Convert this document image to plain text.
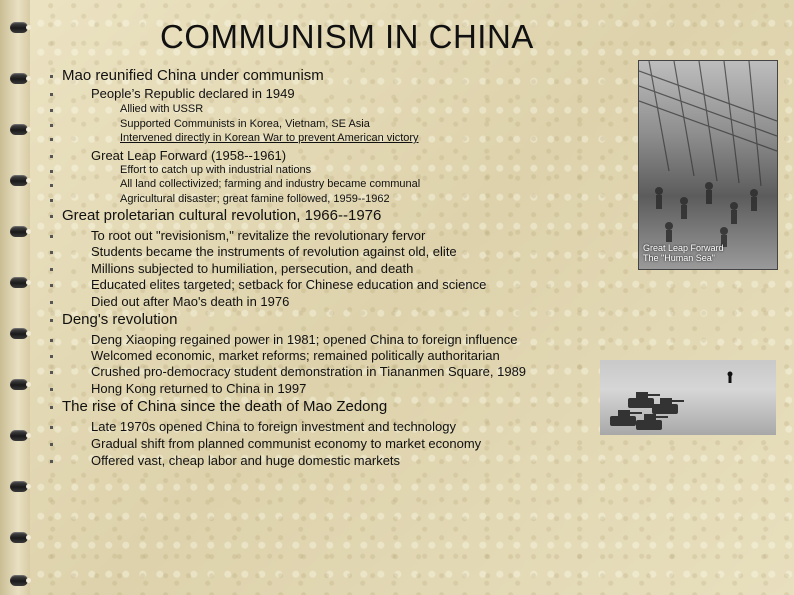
COMMUNISM IN CHINA

Mao reunified China under communism

People’s Republic declared in 1949

Allied with USSR

Supported Communists in Korea, Vietnam, SE Asia

Intervened directly in Korean War to prevent American victory

Great Leap Forward (1958--1961)

Effort to catch up with industrial nations

All land collectivized; farming and industry became communal

Agricultural disaster; great famine followed, 1959--1962

Great proletarian cultural revolution, 1966--1976

To root out "revisionism," revitalize the revolutionary fervor

Students became the instruments of revolution against old, elite

Millions subjected to humiliation, persecution, and death

Educated elites targeted; setback for Chinese education and science

Died out after Mao's death in 1976

Deng's revolution

Deng Xiaoping regained power in 1981; opened China to foreign influence

Welcomed economic, market reforms; remained politically authoritarian

Crushed pro-democracy student demonstration in Tiananmen Square, 1989

Hong Kong returned to China in 1997

The rise of China since the death of Mao Zedong

Late 1970s opened China to foreign investment and technology

Gradual shift from planned communist economy to market economy

Offered vast, cheap labor and huge domestic markets

Great Leap Forward
The "Human Sea"
